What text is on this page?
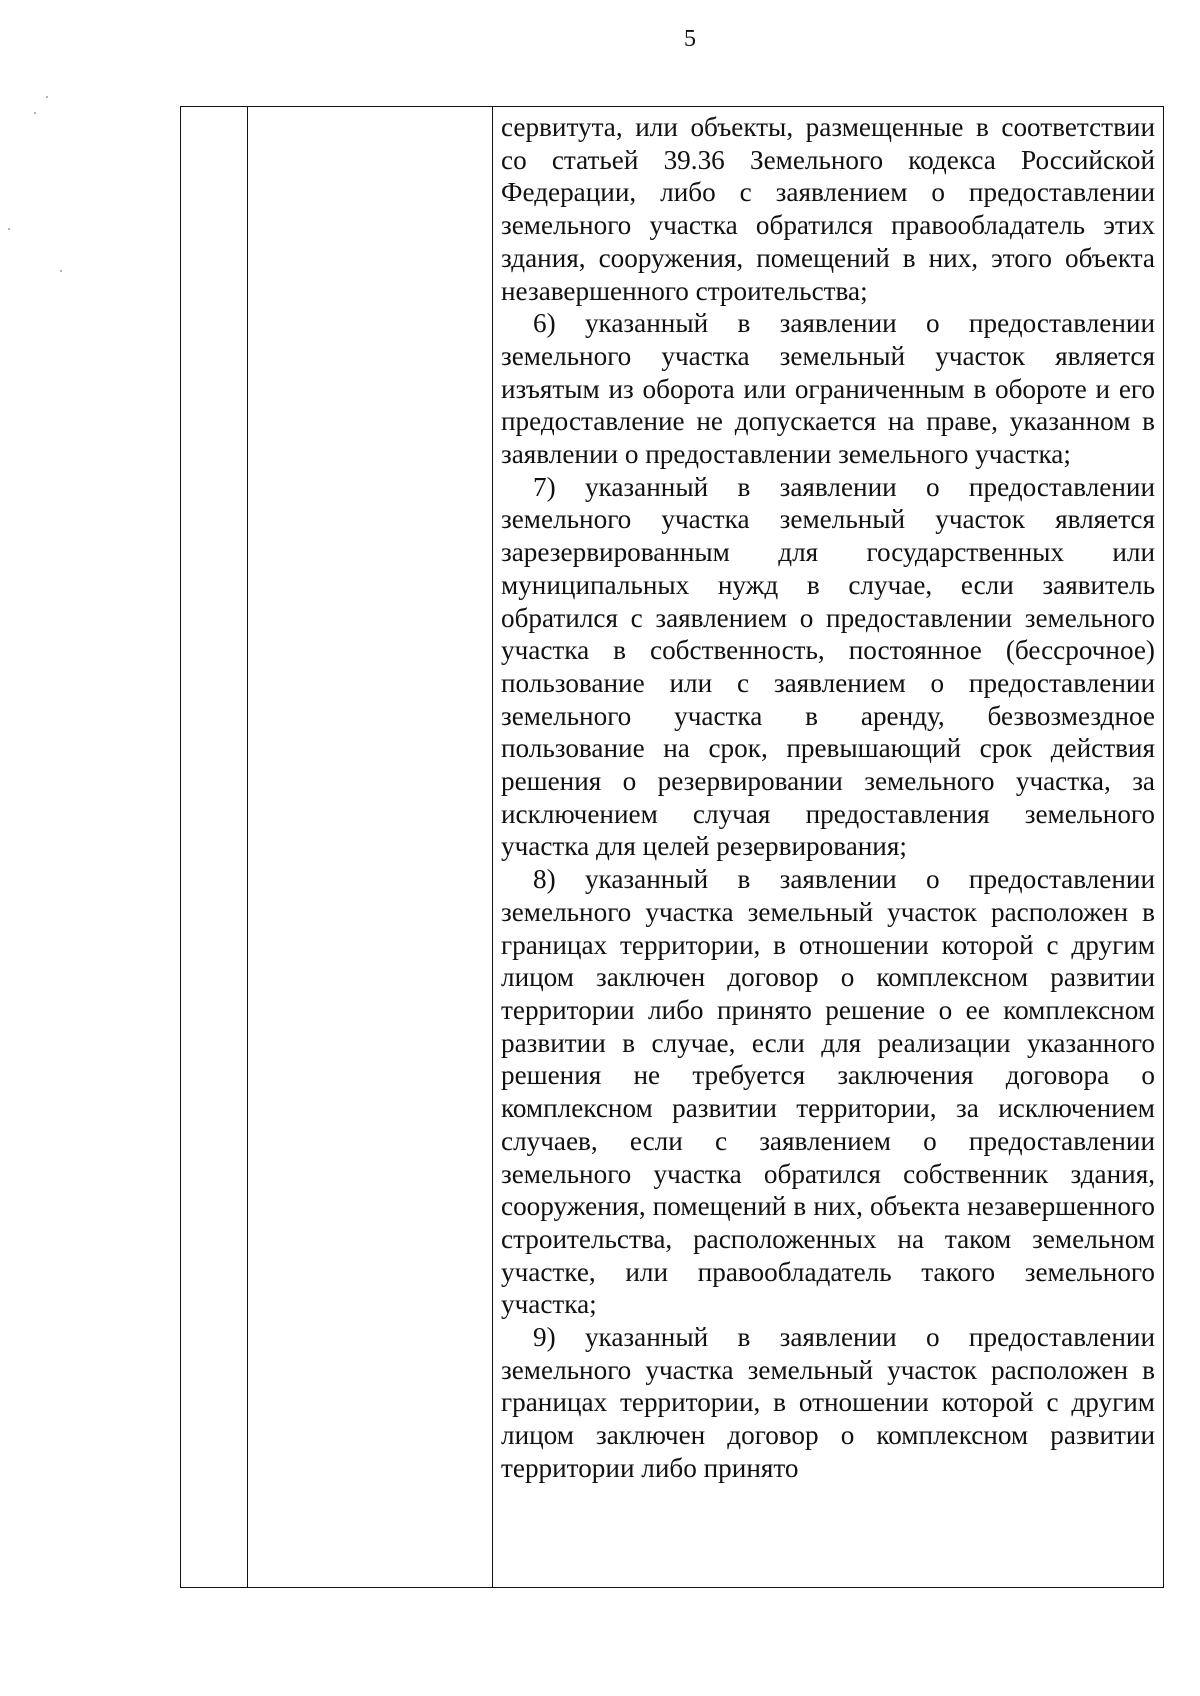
5

сервитута, или объекты, размещенные в соответствии со статьей 39.36 Земельного кодекса Российской Федерации, либо с заявлением о предоставлении земельного участка обратился правообладатель этих здания, сооружения, помещений в них, этого объекта незавершенного строительства;

6) указанный в заявлении о предоставлении земельного участка земельный участок является изъятым из оборота или ограниченным в обороте и его предоставление не допускается на праве, указанном в заявлении о предоставлении земельного участка;

7) указанный в заявлении о предоставлении земельного участка земельный участок является зарезервированным для государственных или муниципальных нужд в случае, если заявитель обратился с заявлением о предоставлении земельного участка в собственность, постоянное (бессрочное) пользование или с заявлением о предоставлении земельного участка в аренду, безвозмездное пользование на срок, превышающий срок действия решения о резервировании земельного участка, за исключением случая предоставления земельного участка для целей резервирования;

8) указанный в заявлении о предоставлении земельного участка земельный участок расположен в границах территории, в отношении которой с другим лицом заключен договор о комплексном развитии территории либо принято решение о ее комплексном развитии в случае, если для реализации указанного решения не требуется заключения договора о комплексном развитии территории, за исключением случаев, если с заявлением о предоставлении земельного участка обратился собственник здания, сооружения, помещений в них, объекта незавершенного строительства, расположенных на таком земельном участке, или правообладатель такого земельного участка;

9) указанный в заявлении о предоставлении земельного участка земельный участок расположен в границах территории, в отношении которой с другим лицом заключен договор о комплексном развитии территории либо принято
